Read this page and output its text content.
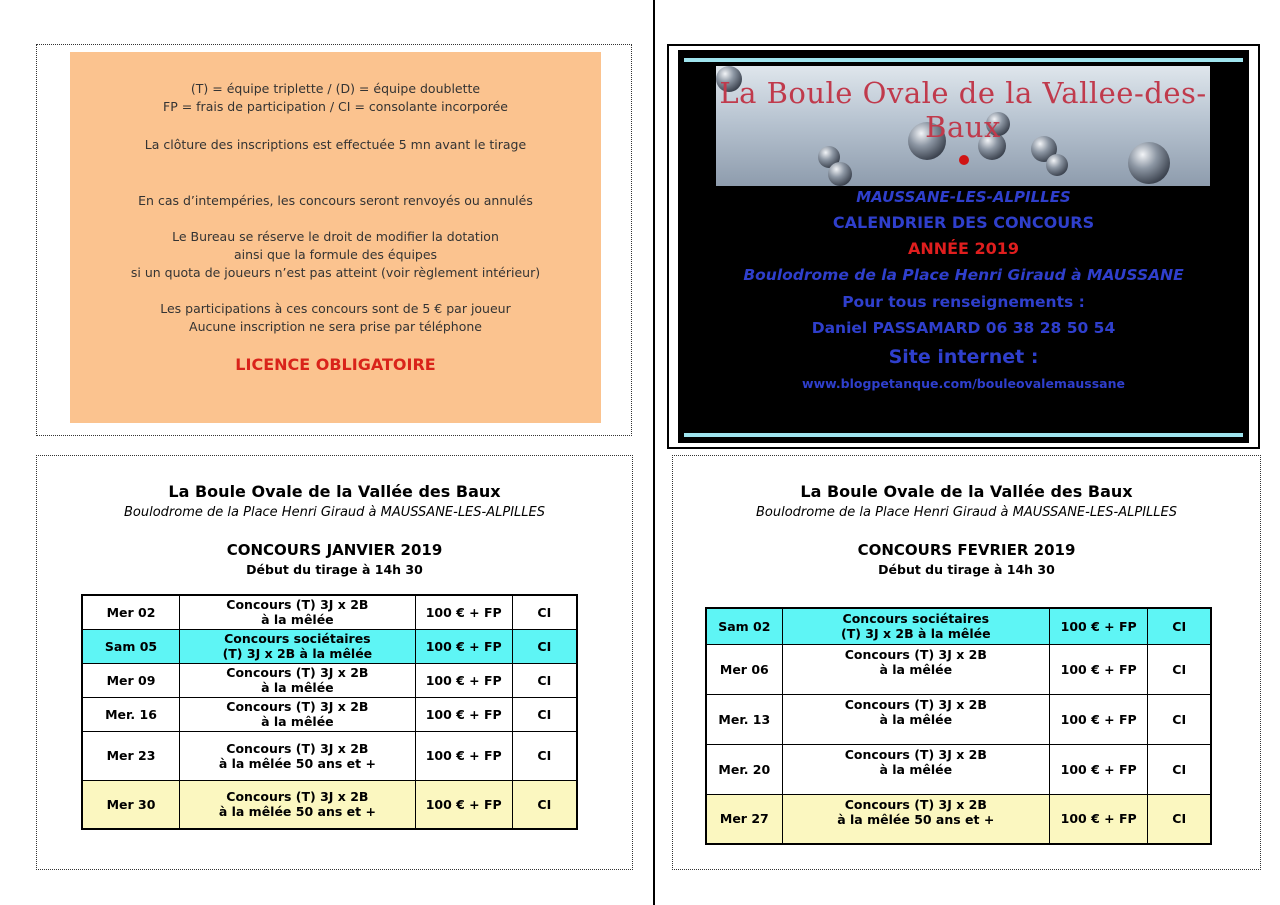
(T) = équipe triplette / (D) = équipe doublette

FP = frais de participation / CI = consolante incorporée

La clôture des inscriptions est effectuée 5 mn avant le tirage

En cas d’intempéries, les concours seront renvoyés ou annulés

Le Bureau se réserve le droit de modifier la dotation

ainsi que la formule des équipes

si un quota de joueurs n’est pas atteint (voir règlement intérieur)

Les participations à ces concours sont de 5 € par joueur

Aucune inscription ne sera prise par téléphone

LICENCE OBLIGATOIRE

La Boule Ovale de la Vallee-des-Baux
MAUSSANE-LES-ALPILLES
CALENDRIER DES CONCOURS
ANNÉE 2019
Boulodrome de la Place Henri Giraud à MAUSSANE
Pour tous renseignements :
Daniel PASSAMARD 06 38 28 50 54
Site internet :
www.blogpetanque.com/bouleovalemaussane
La Boule Ovale de la Vallée des Baux
Boulodrome de la Place Henri Giraud à MAUSSANE-LES-ALPILLES
CONCOURS JANVIER 2019
Début du tirage à 14h 30
Mer 02	Concours (T) 3J x 2B
à la mêlée	100 € + FP	CI
Sam 05	Concours sociétaires
(T) 3J x 2B à la mêlée	100 € + FP	CI
Mer 09	Concours (T) 3J x 2B
à la mêlée	100 € + FP	CI
Mer. 16	Concours (T) 3J x 2B
à la mêlée	100 € + FP	CI
Mer 23	Concours (T) 3J x 2B
à la mêlée 50 ans et +	100 € + FP	CI
Mer 30	Concours (T) 3J x 2B
à la mêlée 50 ans et +	100 € + FP	CI
La Boule Ovale de la Vallée des Baux
Boulodrome de la Place Henri Giraud à MAUSSANE-LES-ALPILLES
CONCOURS FEVRIER 2019
Début du tirage à 14h 30
Sam 02	Concours sociétaires
(T) 3J x 2B à la mêlée	100 € + FP	CI
Mer 06	Concours (T) 3J x 2B
à la mêlée	100 € + FP	CI
Mer. 13	Concours (T) 3J x 2B
à la mêlée	100 € + FP	CI
Mer. 20	Concours (T) 3J x 2B
à la mêlée	100 € + FP	CI
Mer 27	Concours (T) 3J x 2B
à la mêlée 50 ans et +	100 € + FP	CI
